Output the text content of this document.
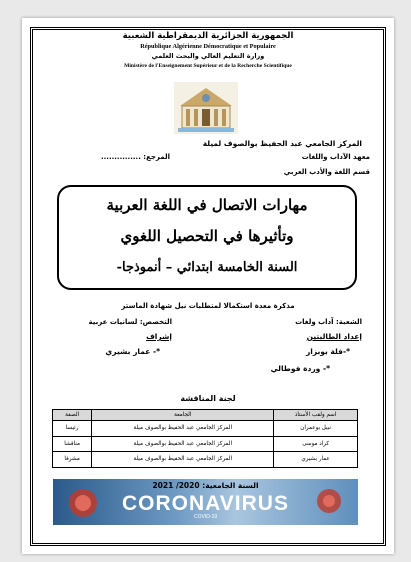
الجمهورية الجزائرية الديمقراطية الشعبية
République Algérienne Démocratique et Populaire
وزارة التعليم العالي والبحث العلمي
Ministère de l'Enseignement Supérieur et de la Recherche Scientifique
المركز الجامعي عبد الحفيظ بوالصوف لميلة
معهد الآداب واللغات
المرجع: ...............
قسم اللغة والأدب العربي
مهارات الاتصال في اللغة العربية
وتأثيرها في التحصيل اللغوي
السنة الخامسة ابتدائي – أنموذجا-
مذكرة معدة استكمالا لمتطلبات نيل شهادة الماستر
الشعبة: آداب ولغات
التخصص: لسانيات عربية
إعداد الطالبتين
إشراف
*-فلة بوبزار
*- عمار بشيري
*- وردة فوطالي
لجنة المناقشة
اسم ولقب الأستاذ	الجامعة	الصفة
نبيل بوعمران	المركز الجامعي عبد الحفيظ بوالصوف ميلة	رئيسا
كراد موسى	المركز الجامعي عبد الحفيظ بوالصوف ميلة	مناقشا
عمار بشيري	المركز الجامعي عبد الحفيظ بوالصوف ميلة	مشرفا
السنة الجامعية: 2020/ 2021
CORONAVIRUS
COVID-19
